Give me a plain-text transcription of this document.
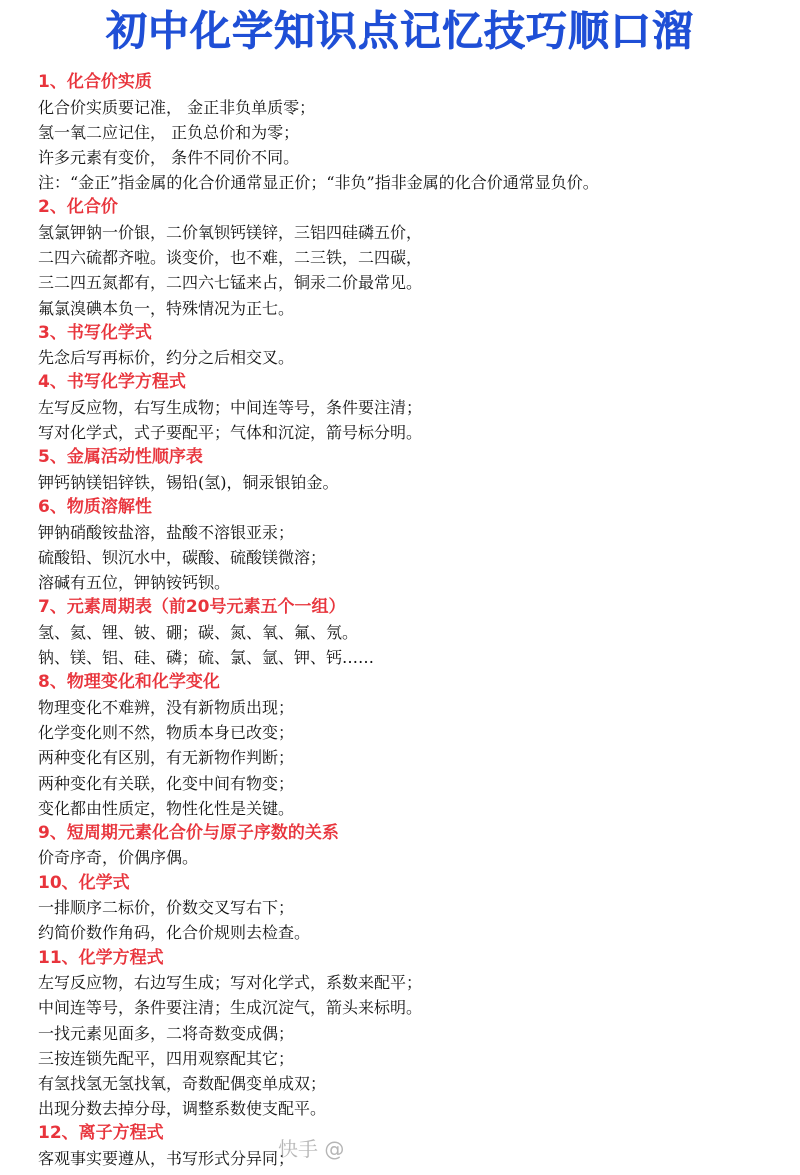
初中化学知识点记忆技巧顺口溜
1、化合价实质
化合价实质要记准， 金正非负单质零；
氢一氧二应记住， 正负总价和为零；
许多元素有变价， 条件不同价不同。
注：“金正”指金属的化合价通常显正价；“非负”指非金属的化合价通常显负价。
2、化合价
氢氯钾钠一价银，二价氧钡钙镁锌，三铝四硅磷五价，
二四六硫都齐啦。谈变价，也不难，二三铁，二四碳，
三二四五氮都有，二四六七锰来占，铜汞二价最常见。
氟氯溴碘本负一，特殊情况为正七。
3、书写化学式
先念后写再标价，约分之后相交叉。
4、书写化学方程式
左写反应物，右写生成物；中间连等号，条件要注清；
写对化学式，式子要配平；气体和沉淀，箭号标分明。
5、金属活动性顺序表
钾钙钠镁铝锌铁，锡铅(氢)，铜汞银铂金。
6、物质溶解性
钾钠硝酸铵盐溶，盐酸不溶银亚汞；
硫酸铅、钡沉水中，碳酸、硫酸镁微溶；
溶碱有五位，钾钠铵钙钡。
7、元素周期表（前20号元素五个一组）
氢、氦、锂、铍、硼；碳、氮、氧、氟、氖。
钠、镁、铝、硅、磷；硫、氯、氩、钾、钙……
8、物理变化和化学变化
物理变化不难辨，没有新物质出现；
化学变化则不然，物质本身已改变；
两种变化有区别，有无新物作判断；
两种变化有关联，化变中间有物变；
变化都由性质定，物性化性是关键。
9、短周期元素化合价与原子序数的关系
价奇序奇，价偶序偶。
10、化学式
一排顺序二标价，价数交叉写右下；
约简价数作角码，化合价规则去检查。
11、化学方程式
左写反应物，右边写生成；写对化学式，系数来配平；
中间连等号，条件要注清；生成沉淀气，箭头来标明。
一找元素见面多，二将奇数变成偶；
三按连锁先配平，四用观察配其它；
有氢找氢无氢找氧，奇数配偶变单成双；
出现分数去掉分母，调整系数使支配平。
12、离子方程式
客观事实要遵从，书写形式分异同；
快手 @
